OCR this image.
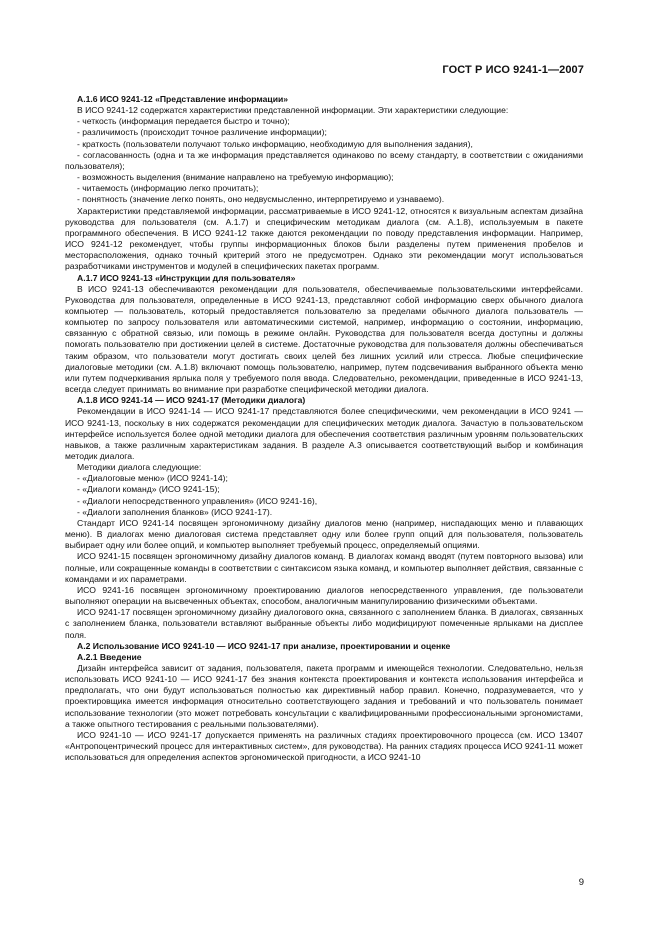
ГОСТ Р ИСО 9241-1—2007

А.1.6 ИСО 9241-12 «Представление информации»

В ИСО 9241-12 содержатся характеристики представленной информации. Эти характеристики следующие:

- четкость (информация передается быстро и точно);

- различимость (происходит точное различение информации);

- краткость (пользователи получают только информацию, необходимую для выполнения задания),

- согласованность (одна и та же информация представляется одинаково по всему стандарту, в соответствии с ожиданиями пользователя);

- возможность выделения (внимание направлено на требуемую информацию);

- читаемость (информацию легко прочитать);

- понятность (значение легко понять, оно недвусмысленно, интерпретируемо и узнаваемо).

Характеристики представляемой информации, рассматриваемые в ИСО 9241-12, относятся к визуальным аспектам дизайна руководства для пользователя (см. А.1.7) и специфическим методикам диалога (см. А.1.8), используемым в пакете программного обеспечения. В ИСО 9241-12 также даются рекомендации по поводу представления информации. Например, ИСО 9241-12 рекомендует, чтобы группы информационных блоков были разделены путем применения пробелов и месторасположения, однако точный критерий этого не предусмотрен. Однако эти рекомендации могут использоваться разработчиками инструментов и модулей в специфических пакетах программ.

А.1.7 ИСО 9241-13 «Инструкции для пользователя»

В ИСО 9241-13 обеспечиваются рекомендации для пользователя, обеспечиваемые пользовательскими интерфейсами. Руководства для пользователя, определенные в ИСО 9241-13, представляют собой информацию сверх обычного диалога компьютер — пользователь, который предоставляется пользователю за пределами обычного диалога пользователь — компьютер по запросу пользователя или автоматическими системой, например, информацию о состоянии, информацию, связанную с обратной связью, или помощь в режиме онлайн. Руководства для пользователя всегда доступны и должны помогать пользователю при достижении целей в системе. Достаточные руководства для пользователя должны обеспечиваться таким образом, что пользователи могут достигать своих целей без лишних усилий или стресса. Любые специфические диалоговые методики (см. А.1.8) включают помощь пользователю, например, путем подсвечивания выбранного объекта меню или путем подчеркивания ярлыка поля у требуемого поля ввода. Следовательно, рекомендации, приведенные в ИСО 9241-13, всегда следует принимать во внимание при разработке специфической методики диалога.

А.1.8 ИСО 9241-14 — ИСО 9241-17 (Методики диалога)

Рекомендации в ИСО 9241-14 — ИСО 9241-17 представляются более специфическими, чем рекомендации в ИСО 9241 — ИСО 9241-13, поскольку в них содержатся рекомендации для специфических методик диалога. Зачастую в пользовательском интерфейсе используется более одной методики диалога для обеспечения соответствия различным уровням пользовательских навыков, а также различным характеристикам задания. В разделе А.3 описывается соответствующий выбор и комбинация методик диалога.

Методики диалога следующие:

- «Диалоговые меню» (ИСО 9241-14);

- «Диалоги команд» (ИСО 9241-15);

- «Диалоги непосредственного управления» (ИСО 9241-16),

- «Диалоги заполнения бланков» (ИСО 9241-17).

Стандарт ИСО 9241-14 посвящен эргономичному дизайну диалогов меню (например, ниспадающих меню и плавающих меню). В диалогах меню диалоговая система представляет одну или более групп опций для пользователя, пользователь выбирает одну или более опций, и компьютер выполняет требуемый процесс, определяемый опциями.

ИСО 9241-15 посвящен эргономичному дизайну диалогов команд. В диалогах команд вводят (путем повторного вызова) или полные, или сокращенные команды в соответствии с синтаксисом языка команд, и компьютер выполняет действия, связанные с командами и их параметрами.

ИСО 9241-16 посвящен эргономичному проектированию диалогов непосредственного управления, где пользователи выполняют операции на высвеченных объектах, способом, аналогичным манипулированию физическими объектами.

ИСО 9241-17 посвящен эргономичному дизайну диалогового окна, связанного с заполнением бланка. В диалогах, связанных с заполнением бланка, пользователи вставляют выбранные объекты либо модифицируют помеченные ярлыками на дисплее поля.

А.2 Использование ИСО 9241-10 — ИСО 9241-17 при анализе, проектировании и оценке

А.2.1 Введение

Дизайн интерфейса зависит от задания, пользователя, пакета программ и имеющейся технологии. Следовательно, нельзя использовать ИСО 9241-10 — ИСО 9241-17 без знания контекста проектирования и контекста использования интерфейса и предполагать, что они будут использоваться полностью как директивный набор правил. Конечно, подразумевается, что у проектировщика имеется информация относительно соответствующего задания и требований и что пользователь понимает использование технологии (это может потребовать консультации с квалифицированными профессиональными эргономистами, а также опытного тестирования с реальными пользователями).

ИСО 9241-10 — ИСО 9241-17 допускается применять на различных стадиях проектировочного процесса (см. ИСО 13407 «Антропоцентрический процесс для интерактивных систем», для руководства). На ранних стадиях процесса ИСО 9241-11 может использоваться для определения аспектов эргономической пригодности, а ИСО 9241-10

9
